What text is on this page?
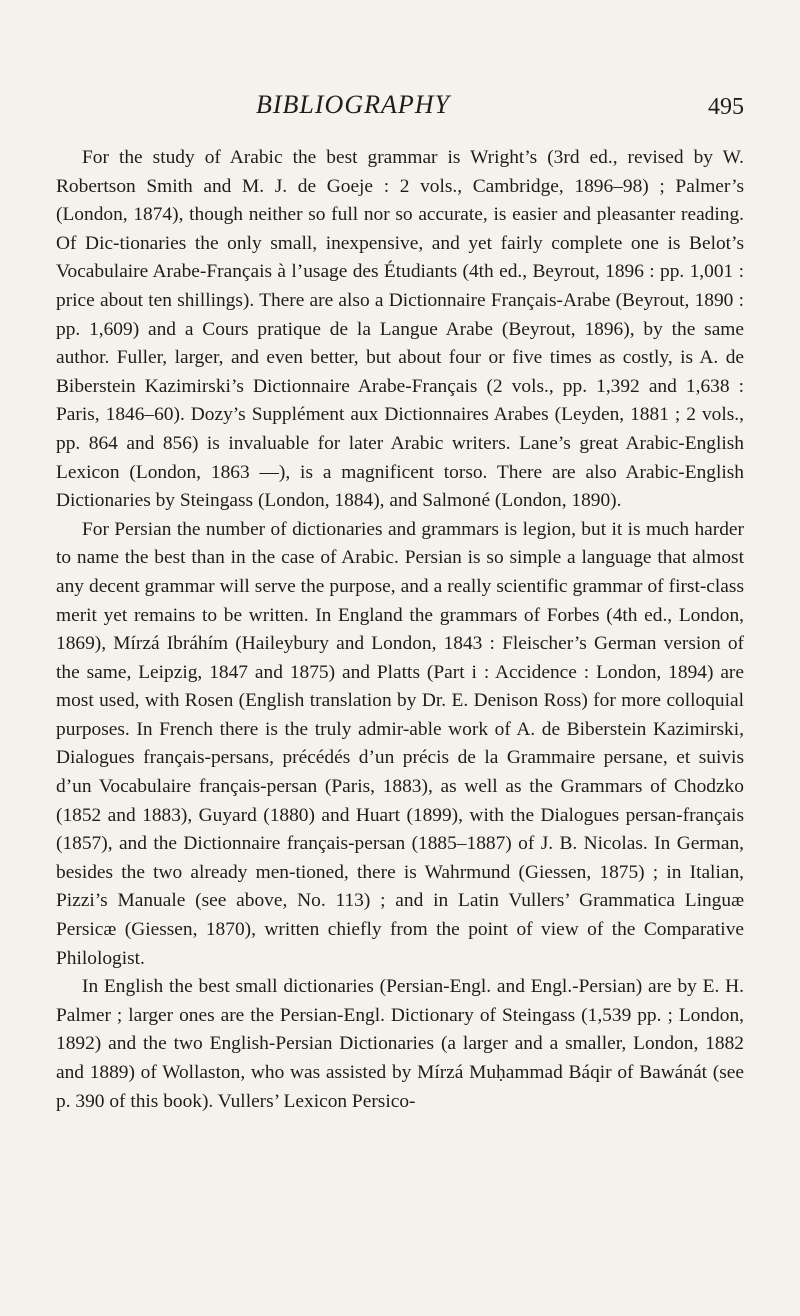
BIBLIOGRAPHY	495

For the study of Arabic the best grammar is Wright’s (3rd ed., revised by W. Robertson Smith and M. J. de Goeje : 2 vols., Cambridge, 1896–98) ; Palmer’s (London, 1874), though neither so full nor so accurate, is easier and pleasanter reading. Of Dic-tionaries the only small, inexpensive, and yet fairly complete one is Belot’s Vocabulaire Arabe-Français à l’usage des Étudiants (4th ed., Beyrout, 1896 : pp. 1,001 : price about ten shillings). There are also a Dictionnaire Français-Arabe (Beyrout, 1890 : pp. 1,609) and a Cours pratique de la Langue Arabe (Beyrout, 1896), by the same author. Fuller, larger, and even better, but about four or five times as costly, is A. de Biberstein Kazimirski’s Dictionnaire Arabe-Français (2 vols., pp. 1,392 and 1,638 : Paris, 1846–60). Dozy’s Supplément aux Dictionnaires Arabes (Leyden, 1881 ; 2 vols., pp. 864 and 856) is invaluable for later Arabic writers. Lane’s great Arabic-English Lexicon (London, 1863 —), is a magnificent torso. There are also Arabic-English Dictionaries by Steingass (London, 1884), and Salmoné (London, 1890).

For Persian the number of dictionaries and grammars is legion, but it is much harder to name the best than in the case of Arabic. Persian is so simple a language that almost any decent grammar will serve the purpose, and a really scientific grammar of first-class merit yet remains to be written. In England the grammars of Forbes (4th ed., London, 1869), Mírzá Ibráhím (Haileybury and London, 1843 : Fleischer’s German version of the same, Leipzig, 1847 and 1875) and Platts (Part i : Accidence : London, 1894) are most used, with Rosen (English translation by Dr. E. Denison Ross) for more colloquial purposes. In French there is the truly admir-able work of A. de Biberstein Kazimirski, Dialogues français-persans, précédés d’un précis de la Grammaire persane, et suivis d’un Vocabulaire français-persan (Paris, 1883), as well as the Grammars of Chodzko (1852 and 1883), Guyard (1880) and Huart (1899), with the Dialogues persan-français (1857), and the Dictionnaire français-persan (1885–1887) of J. B. Nicolas. In German, besides the two already men-tioned, there is Wahrmund (Giessen, 1875) ; in Italian, Pizzi’s Manuale (see above, No. 113) ; and in Latin Vullers’ Grammatica Linguæ Persicæ (Giessen, 1870), written chiefly from the point of view of the Comparative Philologist.

In English the best small dictionaries (Persian-Engl. and Engl.-Persian) are by E. H. Palmer ; larger ones are the Persian-Engl. Dictionary of Steingass (1,539 pp. ; London, 1892) and the two English-Persian Dictionaries (a larger and a smaller, London, 1882 and 1889) of Wollaston, who was assisted by Mírzá Muḥammad Báqir of Bawánát (see p. 390 of this book). Vullers’ Lexicon Persico-
